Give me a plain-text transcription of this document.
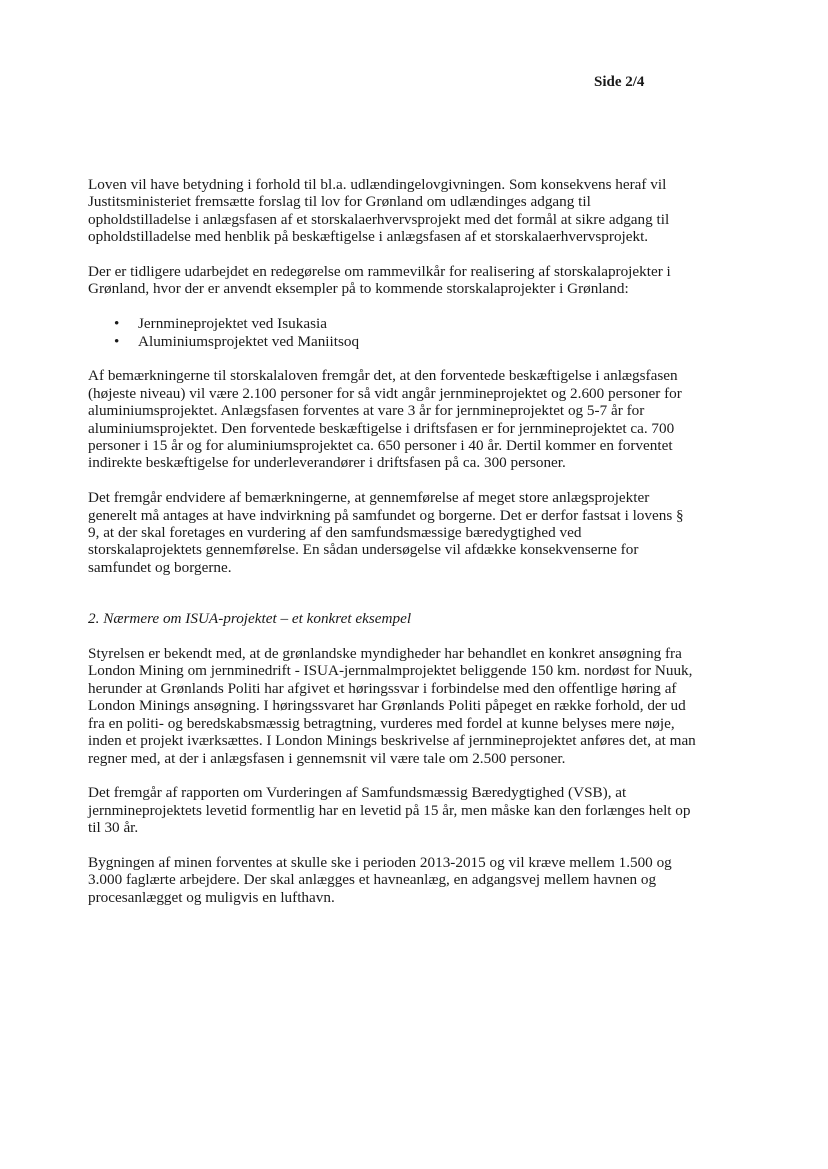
Side 2/4

Loven vil have betydning i forhold til bl.a. udlændingelovgivningen. Som konsekvens heraf vil Justitsministeriet fremsætte forslag til lov for Grønland om udlændinges adgang til opholdstilladelse i anlægsfasen af et storskalaerhvervsprojekt med det formål at sikre adgang til opholdstilladelse med henblik på beskæftigelse i anlægsfasen af et storskalaerhvervsprojekt.

Der er tidligere udarbejdet en redegørelse om rammevilkår for realisering af storskalaprojekter i Grønland, hvor der er anvendt eksempler på to kommende storskalaprojekter i Grønland:

• Jernmineprojektet ved Isukasia
• Aluminiumsprojektet ved Maniitsoq

Af bemærkningerne til storskalaloven fremgår det, at den forventede beskæftigelse i anlægsfasen (højeste niveau) vil være 2.100 personer for så vidt angår jernmineprojektet og 2.600 personer for aluminiumsprojektet. Anlægsfasen forventes at vare 3 år for jernmineprojektet og 5-7 år for aluminiumsprojektet. Den forventede beskæftigelse i driftsfasen er for jernmineprojektet ca. 700 personer i 15 år og for aluminiumsprojektet ca. 650 personer i 40 år. Dertil kommer en forventet indirekte beskæftigelse for underleverandører i driftsfasen på ca. 300 personer.

Det fremgår endvidere af bemærkningerne, at gennemførelse af meget store anlægsprojekter generelt må antages at have indvirkning på samfundet og borgerne. Det er derfor fastsat i lovens § 9, at der skal foretages en vurdering af den samfundsmæssige bæredygtighed ved storskalaprojektets gennemførelse. En sådan undersøgelse vil afdække konsekvenserne for samfundet og borgerne.

2. Nærmere om ISUA-projektet – et konkret eksempel

Styrelsen er bekendt med, at de grønlandske myndigheder har behandlet en konkret ansøgning fra London Mining om jernminedrift - ISUA-jernmalmprojektet beliggende 150 km. nordøst for Nuuk, herunder at Grønlands Politi har afgivet et høringssvar i forbindelse med den offentlige høring af London Minings ansøgning. I høringssvaret har Grønlands Politi påpeget en række forhold, der ud fra en politi- og beredskabsmæssig betragtning, vurderes med fordel at kunne belyses mere nøje, inden et projekt iværksættes. I London Minings beskrivelse af jernmineprojektet anføres det, at man regner med, at der i anlægsfasen i gennemsnit vil være tale om 2.500 personer.

Det fremgår af rapporten om Vurderingen af Samfundsmæssig Bæredygtighed (VSB), at jernmineprojektets levetid formentlig har en levetid på 15 år, men måske kan den forlænges helt op til 30 år.

Bygningen af minen forventes at skulle ske i perioden 2013-2015 og vil kræve mellem 1.500 og 3.000 faglærte arbejdere. Der skal anlægges et havneanlæg, en adgangsvej mellem havnen og procesanlægget og muligvis en lufthavn.
